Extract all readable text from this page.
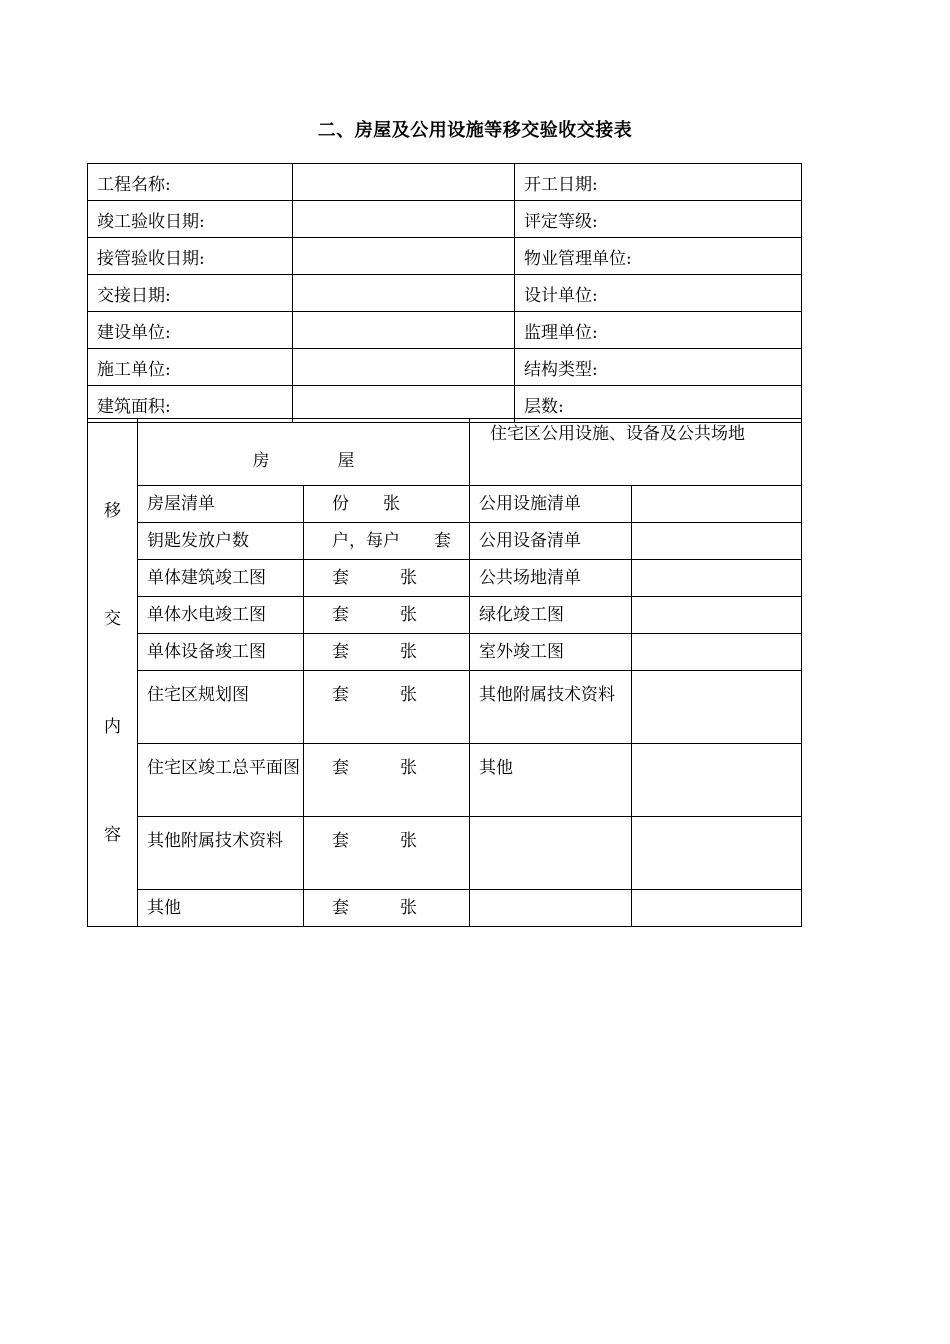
二、房屋及公用设施等移交验收交接表
工程名称:		开工日期:
竣工验收日期:		评定等级:
接管验收日期:		物业管理单位:
交接日期:		设计单位:
建设单位:		监理单位:
施工单位:		结构类型:
建筑面积:		层数:
移
交
内
容	房　　　　屋		住宅区公用设施、设备及公共场地	
	房屋清单	份　　张	公用设施清单	
	钥匙发放户数	户，每户　　套	公用设备清单	
	单体建筑竣工图	套　　　张	公共场地清单	
	单体水电竣工图	套　　　张	绿化竣工图	
	单体设备竣工图	套　　　张	室外竣工图	
	住宅区规划图	套　　　张	其他附属技术资料	
	住宅区竣工总平面图	套　　　张	其他	
	其他附属技术资料	套　　　张		
	其他	套　　　张		
